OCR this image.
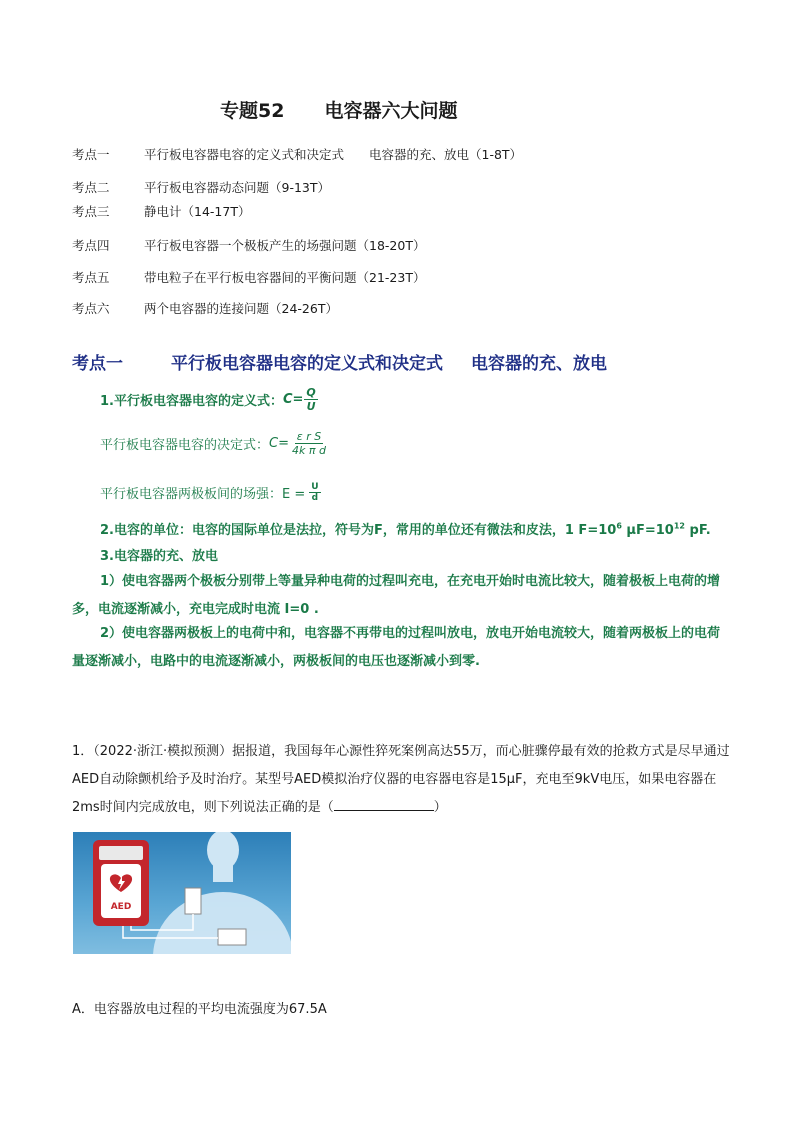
专题52 电容器六大问题
考点一	平行板电容器电容的定义式和决定式　　电容器的充、放电（1-8T）
考点二	平行板电容器动态问题（9-13T）
考点三	静电计（14-17T）
考点四	平行板电容器一个极板产生的场强问题（18-20T）
考点五	带电粒子在平行板电容器间的平衡问题（21-23T）
考点六	两个电容器的连接问题（24-26T）
考点一	平行板电容器电容的定义式和决定式 电容器的充、放电
1.平行板电容器电容的定义式： $C= \frac{Q}{U}$
平行板电容器电容的决定式： $C= \frac{\text{ε r S}}{\text{4k π d}}$
平行板电容器两极板间的场强：$E = \frac{U}{d}$
2.电容的单位：电容的国际单位是法拉，符号为F，常用的单位还有微法和皮法，1 $F=10^6$ $\mu F=10^{12}$ pF.
3.电容器的充、放电
1）使电容器两个极板分别带上等量异种电荷的过程叫充电，在充电开始时电流比较大，随着极板上电荷的增多，电流逐渐减小，充电完成时电流 I=0 .
2）使电容器两极板上的电荷中和，电容器不再带电的过程叫放电，放电开始电流较大，随着两极板上的电荷量逐渐减小，电路中的电流逐渐减小，两极板间的电压也逐渐减小到零.
1．（2022·浙江·模拟预测）据报道，我国每年心源性猝死案例高达55万，而心脏骤停最有效的抢救方式是尽早通过AED自动除颤机给予及时治疗。某型号AED模拟治疗仪器的电容器电容是15μF，充电至9kV电压，如果电容器在2ms时间内完成放电，则下列说法正确的是（	）
AED
A．电容器放电过程的平均电流强度为67.5A
